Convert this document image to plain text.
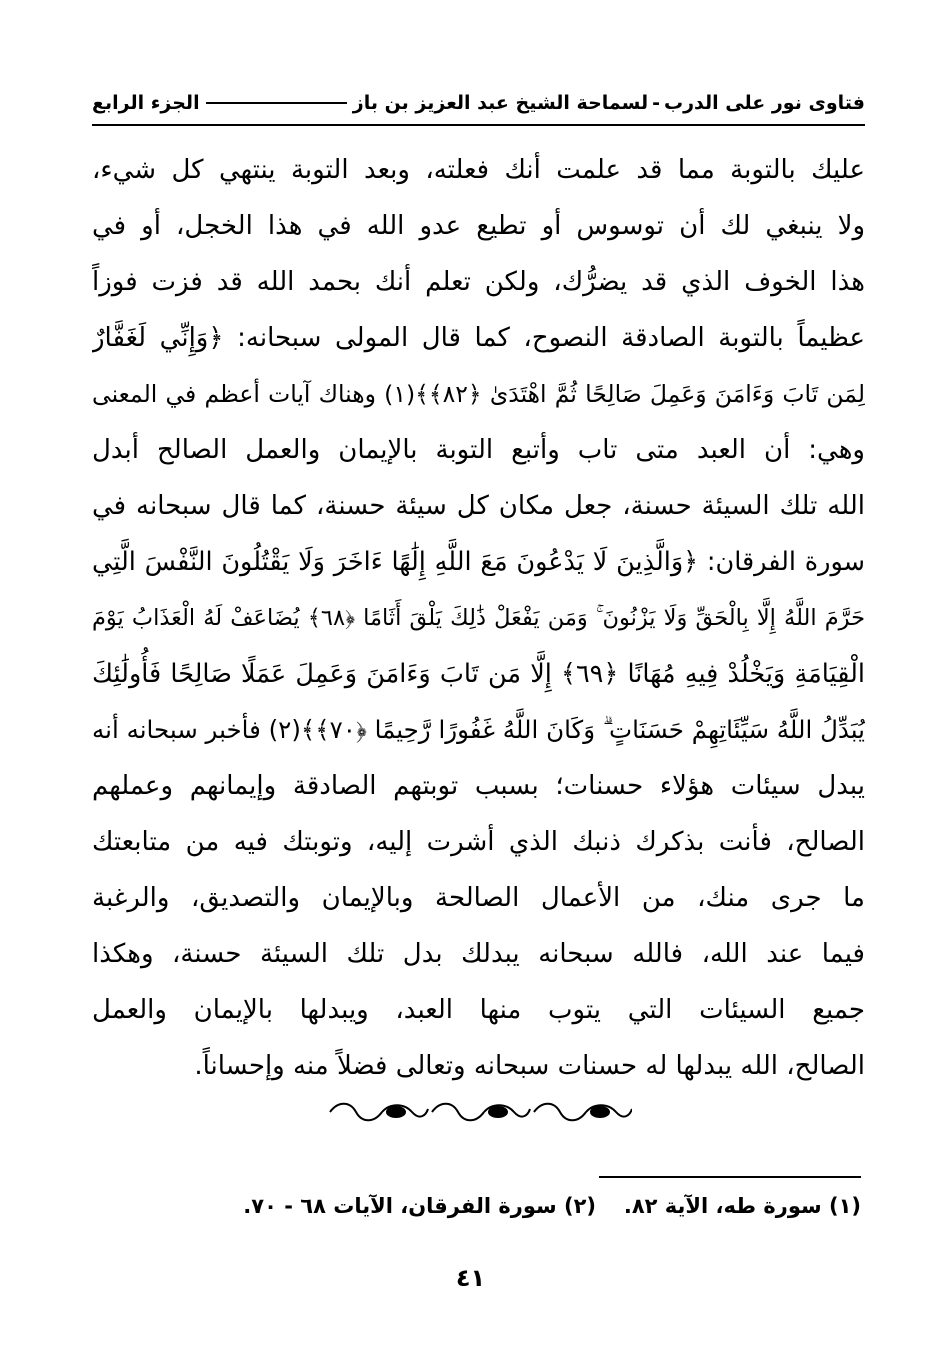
فتاوى نور على الدرب
-
لسماحة الشيخ عبد العزيز بن باز
الجزء الرابع
عليك بالتوبة مما قد علمت أنك فعلته، وبعد التوبة ينتهي كل شيء،
ولا ينبغي لك أن توسوس أو تطيع عدو الله في هذا الخجل، أو في
هذا الخوف الذي قد يضرُّك، ولكن تعلم أنك بحمد الله قد فزت فوزاً
عظيماً بالتوبة الصادقة النصوح، كما قال المولى سبحانه: ﴿وَإِنِّي لَغَفَّارٌ
لِمَن تَابَ وَءَامَنَ وَعَمِلَ صَالِحًا ثُمَّ اهْتَدَىٰ ﴿٨٢﴾﴾(١) وهناك آيات أعظم في المعنى
وهي: أن العبد متى تاب وأتبع التوبة بالإيمان والعمل الصالح أبدل
الله تلك السيئة حسنة، جعل مكان كل سيئة حسنة، كما قال سبحانه في
سورة الفرقان: ﴿وَالَّذِينَ لَا يَدْعُونَ مَعَ اللَّهِ إِلَٰهًا ءَاخَرَ وَلَا يَقْتُلُونَ النَّفْسَ الَّتِي
حَرَّمَ اللَّهُ إِلَّا بِالْحَقِّ وَلَا يَزْنُونَ ۚ وَمَن يَفْعَلْ ذَٰلِكَ يَلْقَ أَثَامًا ﴿٦٨﴾ يُضَاعَفْ لَهُ الْعَذَابُ يَوْمَ
الْقِيَامَةِ وَيَخْلُدْ فِيهِ مُهَانًا ﴿٦٩﴾ إِلَّا مَن تَابَ وَءَامَنَ وَعَمِلَ عَمَلًا صَالِحًا فَأُولَٰئِكَ
يُبَدِّلُ اللَّهُ سَيِّئَاتِهِمْ حَسَنَاتٍ ۗ وَكَانَ اللَّهُ غَفُورًا رَّحِيمًا ﴿٧٠﴾﴾(٢) فأخبر سبحانه أنه
يبدل سيئات هؤلاء حسنات؛ بسبب توبتهم الصادقة وإيمانهم وعملهم
الصالح، فأنت بذكرك ذنبك الذي أشرت إليه، وتوبتك فيه من متابعتك
ما جرى منك، من الأعمال الصالحة وبالإيمان والتصديق، والرغبة
فيما عند الله، فالله سبحانه يبدلك بدل تلك السيئة حسنة، وهكذا
جميع السيئات التي يتوب منها العبد، ويبدلها بالإيمان والعمل
الصالح، الله يبدلها له حسنات سبحانه وتعالى فضلاً منه وإحساناً.
(١) سورة طه، الآية ٨٢.
(٢) سورة الفرقان، الآيات ٦٨ - ٧٠.
٤١
